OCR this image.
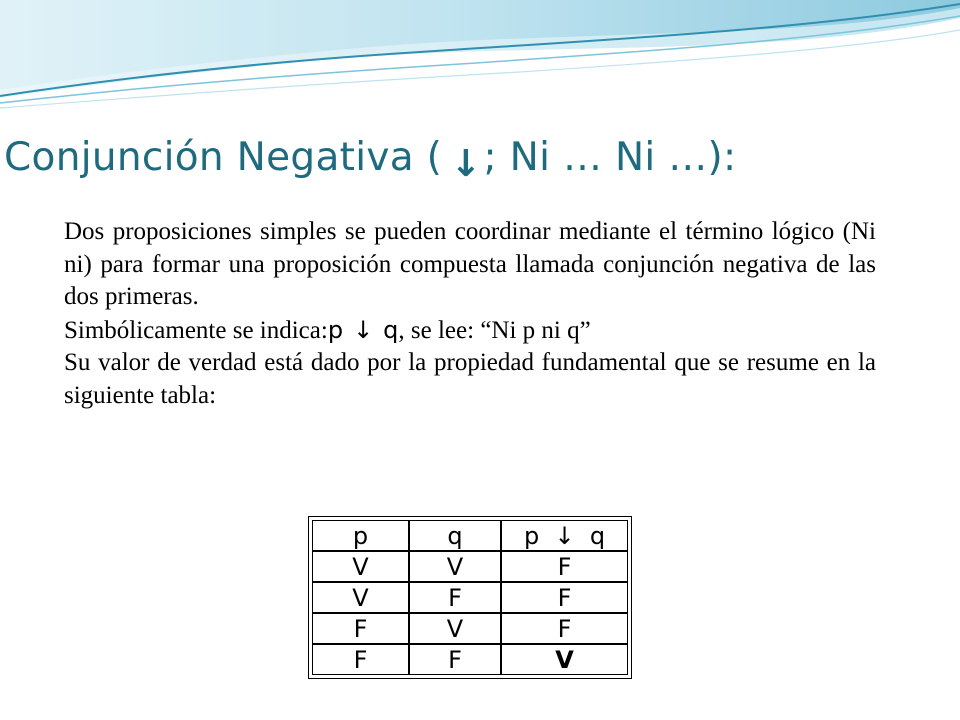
Conjunción Negativa ( ↓; Ni … Ni …):

Dos proposiciones simples se pueden coordinar mediante el término lógico (Ni ni) para formar una proposición compuesta llamada conjunción negativa de las dos primeras.

Simbólicamente se indica:p ↓ q, se lee: “Ni p ni q”

Su valor de verdad está dado por la propiedad fundamental que se resume en la siguiente tabla:

p	q	p  ↓  q
V	V	F
V	F	F
F	V	F
F	F	V
